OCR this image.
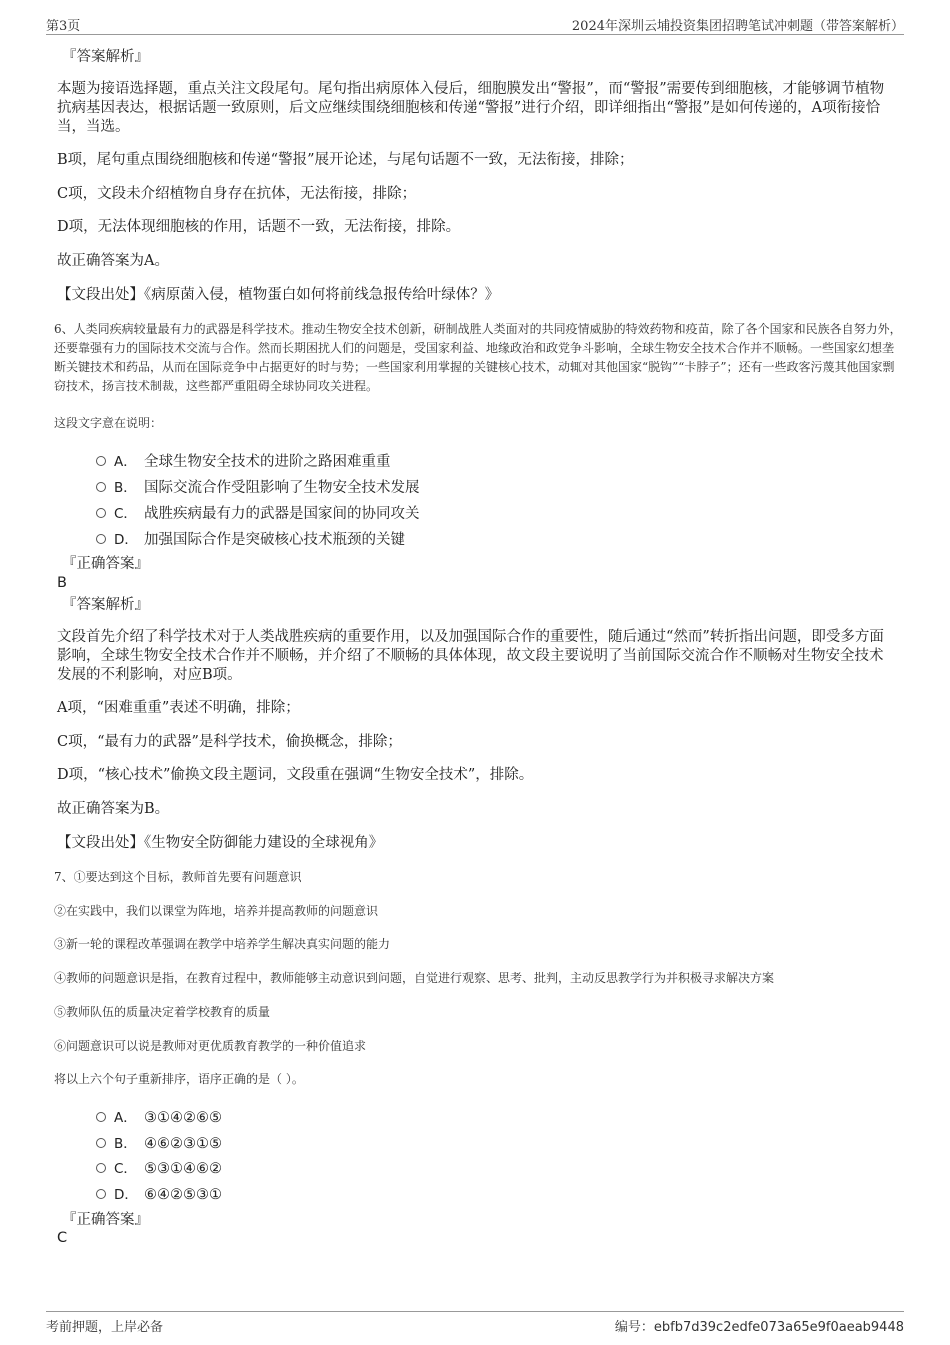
第3页	2024年深圳云埔投资集团招聘笔试冲刺题（带答案解析）
『答案解析』
本题为接语选择题，重点关注文段尾句。尾句指出病原体入侵后，细胞膜发出“警报”，而“警报”需要传到细胞核，才能够调节植物抗病基因表达，根据话题一致原则，后文应继续围绕细胞核和传递“警报”进行介绍，即详细指出“警报”是如何传递的，A项衔接恰当，当选。
B项，尾句重点围绕细胞核和传递“警报”展开论述，与尾句话题不一致，无法衔接，排除；
C项，文段未介绍植物自身存在抗体，无法衔接，排除；
D项，无法体现细胞核的作用，话题不一致，无法衔接，排除。
故正确答案为A。
【文段出处】《病原菌入侵，植物蛋白如何将前线急报传给叶绿体？》
6、人类同疾病较量最有力的武器是科学技术。推动生物安全技术创新，研制战胜人类面对的共同疫情威胁的特效药物和疫苗，除了各个国家和民族各自努力外，还要靠强有力的国际技术交流与合作。然而长期困扰人们的问题是，受国家利益、地缘政治和政党争斗影响，全球生物安全技术合作并不顺畅。一些国家幻想垄断关键技术和药品，从而在国际竞争中占据更好的时与势；一些国家利用掌握的关键核心技术，动辄对其他国家“脱钩”“卡脖子”；还有一些政客污蔑其他国家剽窃技术，扬言技术制裁，这些都严重阻碍全球协同攻关进程。
这段文字意在说明：
A． 全球生物安全技术的进阶之路困难重重
B． 国际交流合作受阻影响了生物安全技术发展
C． 战胜疾病最有力的武器是国家间的协同攻关
D． 加强国际合作是突破核心技术瓶颈的关键
『正确答案』
B
『答案解析』
文段首先介绍了科学技术对于人类战胜疾病的重要作用，以及加强国际合作的重要性，随后通过“然而”转折指出问题，即受多方面影响，全球生物安全技术合作并不顺畅，并介绍了不顺畅的具体体现，故文段主要说明了当前国际交流合作不顺畅对生物安全技术发展的不利影响，对应B项。
A项，“困难重重”表述不明确，排除；
C项，“最有力的武器”是科学技术，偷换概念，排除；
D项，“核心技术”偷换文段主题词，文段重在强调“生物安全技术”，排除。
故正确答案为B。
【文段出处】《生物安全防御能力建设的全球视角》
7、①要达到这个目标，教师首先要有问题意识
②在实践中，我们以课堂为阵地，培养并提高教师的问题意识
③新一轮的课程改革强调在教学中培养学生解决真实问题的能力
④教师的问题意识是指，在教育过程中，教师能够主动意识到问题，自觉进行观察、思考、批判，主动反思教学行为并积极寻求解决方案
⑤教师队伍的质量决定着学校教育的质量
⑥问题意识可以说是教师对更优质教育教学的一种价值追求
将以上六个句子重新排序，语序正确的是（ ）。
A． ③①④②⑥⑤
B． ④⑥②③①⑤
C． ⑤③①④⑥②
D． ⑥④②⑤③①
『正确答案』
C
考前押题，上岸必备	编号：ebfb7d39c2edfe073a65e9f0aeab9448
